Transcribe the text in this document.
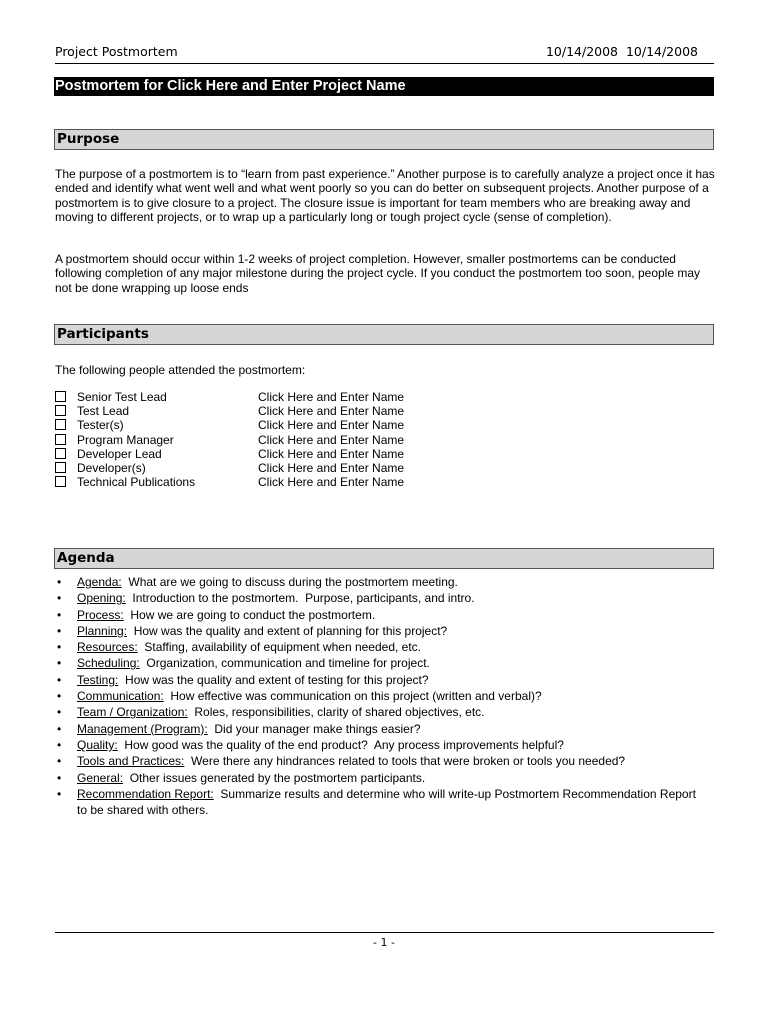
Project Postmortem	10/14/2008  10/14/2008
Postmortem for Click Here and Enter Project Name
Purpose
The purpose of a postmortem is to “learn from past experience.” Another purpose is to carefully analyze a project once it has ended and identify what went well and what went poorly so you can do better on subsequent projects. Another purpose of a postmortem is to give closure to a project. The closure issue is important for team members who are breaking away and moving to different projects, or to wrap up a particularly long or tough project cycle (sense of completion).
A postmortem should occur within 1-2 weeks of project completion. However, smaller postmortems can be conducted following completion of any major milestone during the project cycle. If you conduct the postmortem too soon, people may not be done wrapping up loose ends
Participants
The following people attended the postmortem:
Senior Test Lead	Click Here and Enter Name
Test Lead	Click Here and Enter Name
Tester(s)	Click Here and Enter Name
Program Manager	Click Here and Enter Name
Developer Lead	Click Here and Enter Name
Developer(s)	Click Here and Enter Name
Technical Publications	Click Here and Enter Name
Agenda
• Agenda:  What are we going to discuss during the postmortem meeting.
• Opening:  Introduction to the postmortem.  Purpose, participants, and intro.
• Process:  How we are going to conduct the postmortem.
• Planning:  How was the quality and extent of planning for this project?
• Resources:  Staffing, availability of equipment when needed, etc.
• Scheduling:  Organization, communication and timeline for project.
• Testing:  How was the quality and extent of testing for this project?
• Communication:  How effective was communication on this project (written and verbal)?
• Team / Organization:  Roles, responsibilities, clarity of shared objectives, etc.
• Management (Program):  Did your manager make things easier?
• Quality:  How good was the quality of the end product?  Any process improvements helpful?
• Tools and Practices:  Were there any hindrances related to tools that were broken or tools you needed?
• General:  Other issues generated by the postmortem participants.
• Recommendation Report:  Summarize results and determine who will write-up Postmortem Recommendation Report to be shared with others.
- 1 -
